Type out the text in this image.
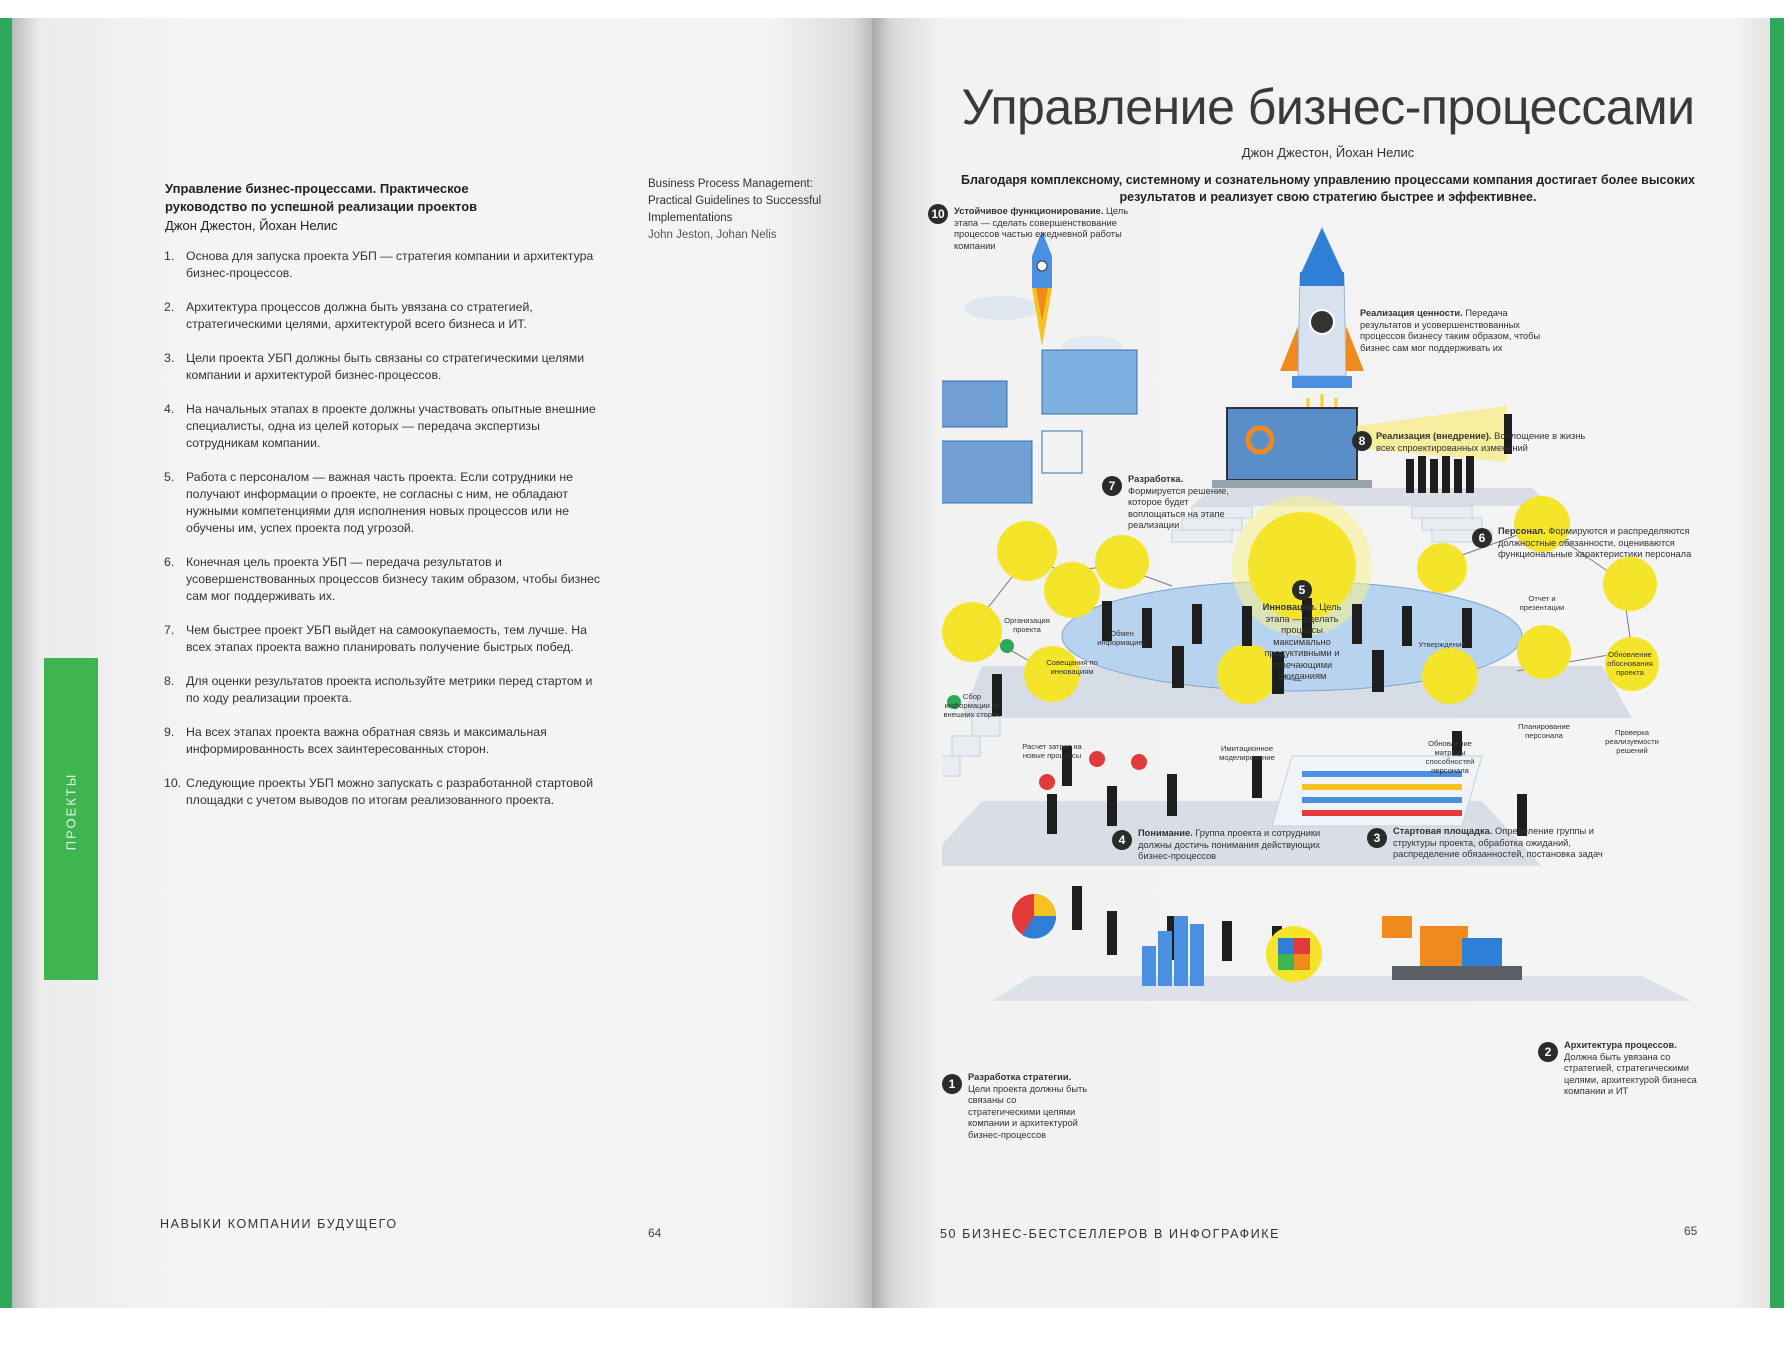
ПРОЕКТЫ
Управление бизнес-процессами. Практическое руководство по успешной реализации проектов
Джон Джестон, Йохан Нелис
Business Process Management: Practical Guidelines to Successful Implementations
John Jeston, Johan Nelis
1. Основа для запуска проекта УБП — стратегия компании и архитектура бизнес-процессов.
2. Архитектура процессов должна быть увязана со стратегией, стратегическими целями, архитектурой всего бизнеса и ИТ.
3. Цели проекта УБП должны быть связаны со стратегическими целями компании и архитектурой бизнес-процессов.
4. На начальных этапах в проекте должны участвовать опытные внешние специалисты, одна из целей которых — передача экспертизы сотрудникам компании.
5. Работа с персоналом — важная часть проекта. Если сотрудники не получают информации о проекте, не согласны с ним, не обладают нужными компетенциями для исполнения новых процессов или не обучены им, успех проекта под угрозой.
6. Конечная цель проекта УБП — передача результатов и усовершенствованных процессов бизнесу таким образом, чтобы бизнес сам мог поддерживать их.
7. Чем быстрее проект УБП выйдет на самоокупаемость, тем лучше. На всех этапах проекта важно планировать получение быстрых побед.
8. Для оценки результатов проекта используйте метрики перед стартом и по ходу реализации проекта.
9. На всех этапах проекта важна обратная связь и максимальная информированность всех заинтересованных сторон.
10. Следующие проекты УБП можно запускать с разработанной стартовой площадки с учетом выводов по итогам реализованного проекта.
НАВЫКИ КОМПАНИИ БУДУЩЕГО
64
Управление бизнес-процессами
Джон Джестон, Йохан Нелис
Благодаря комплексному, системному и сознательному управлению процессами компания достигает более высоких результатов и реализует свою стратегию быстрее и эффективнее.
10	Устойчивое функционирование. Цель этапа — сделать совершенствование процессов частью ежедневной работы компании
Реализация ценности. Передача результатов и усовершенствованных процессов бизнесу таким образом, чтобы бизнес сам мог поддерживать их
8	Реализация (внедрение). Воплощение в жизнь всех спроектированных изменений
7	Разработка. Формируется решение, которое будет воплощаться на этапе реализации
6	Персонал. Формируются и распределяются должностные обязанности, оцениваются функциональные характеристики персонала
5
Инновации. Цель этапа — сделать процессы максимально продуктивными и отвечающими ожиданиям
4	Понимание. Группа проекта и сотрудники должны достичь понимания действующих бизнес-процессов
3	Стартовая площадка. Определение группы и структуры проекта, обработка ожиданий, распределение обязанностей, постановка задач
2	Архитектура процессов. Должна быть увязана со стратегией, стратегическими целями, архитектурой бизнеса компании и ИТ
1	Разработка стратегии. Цели проекта должны быть связаны со стратегическими целями компании и архитектурой бизнес-процессов
Организация проекта	Обмен информацией
Совещания по инновациям
Сбор информации от внешних сторон
Расчет затрат на новые процессы
Имитационное моделирование
Утверждение
Отчет и презентации
Обновление обоснования проекта
Планирование персонала
Обновление матрицы способностей персонала
Проверка реализуемости решений
50 БИЗНЕС-БЕСТСЕЛЛЕРОВ В ИНФОГРАФИКЕ	65
